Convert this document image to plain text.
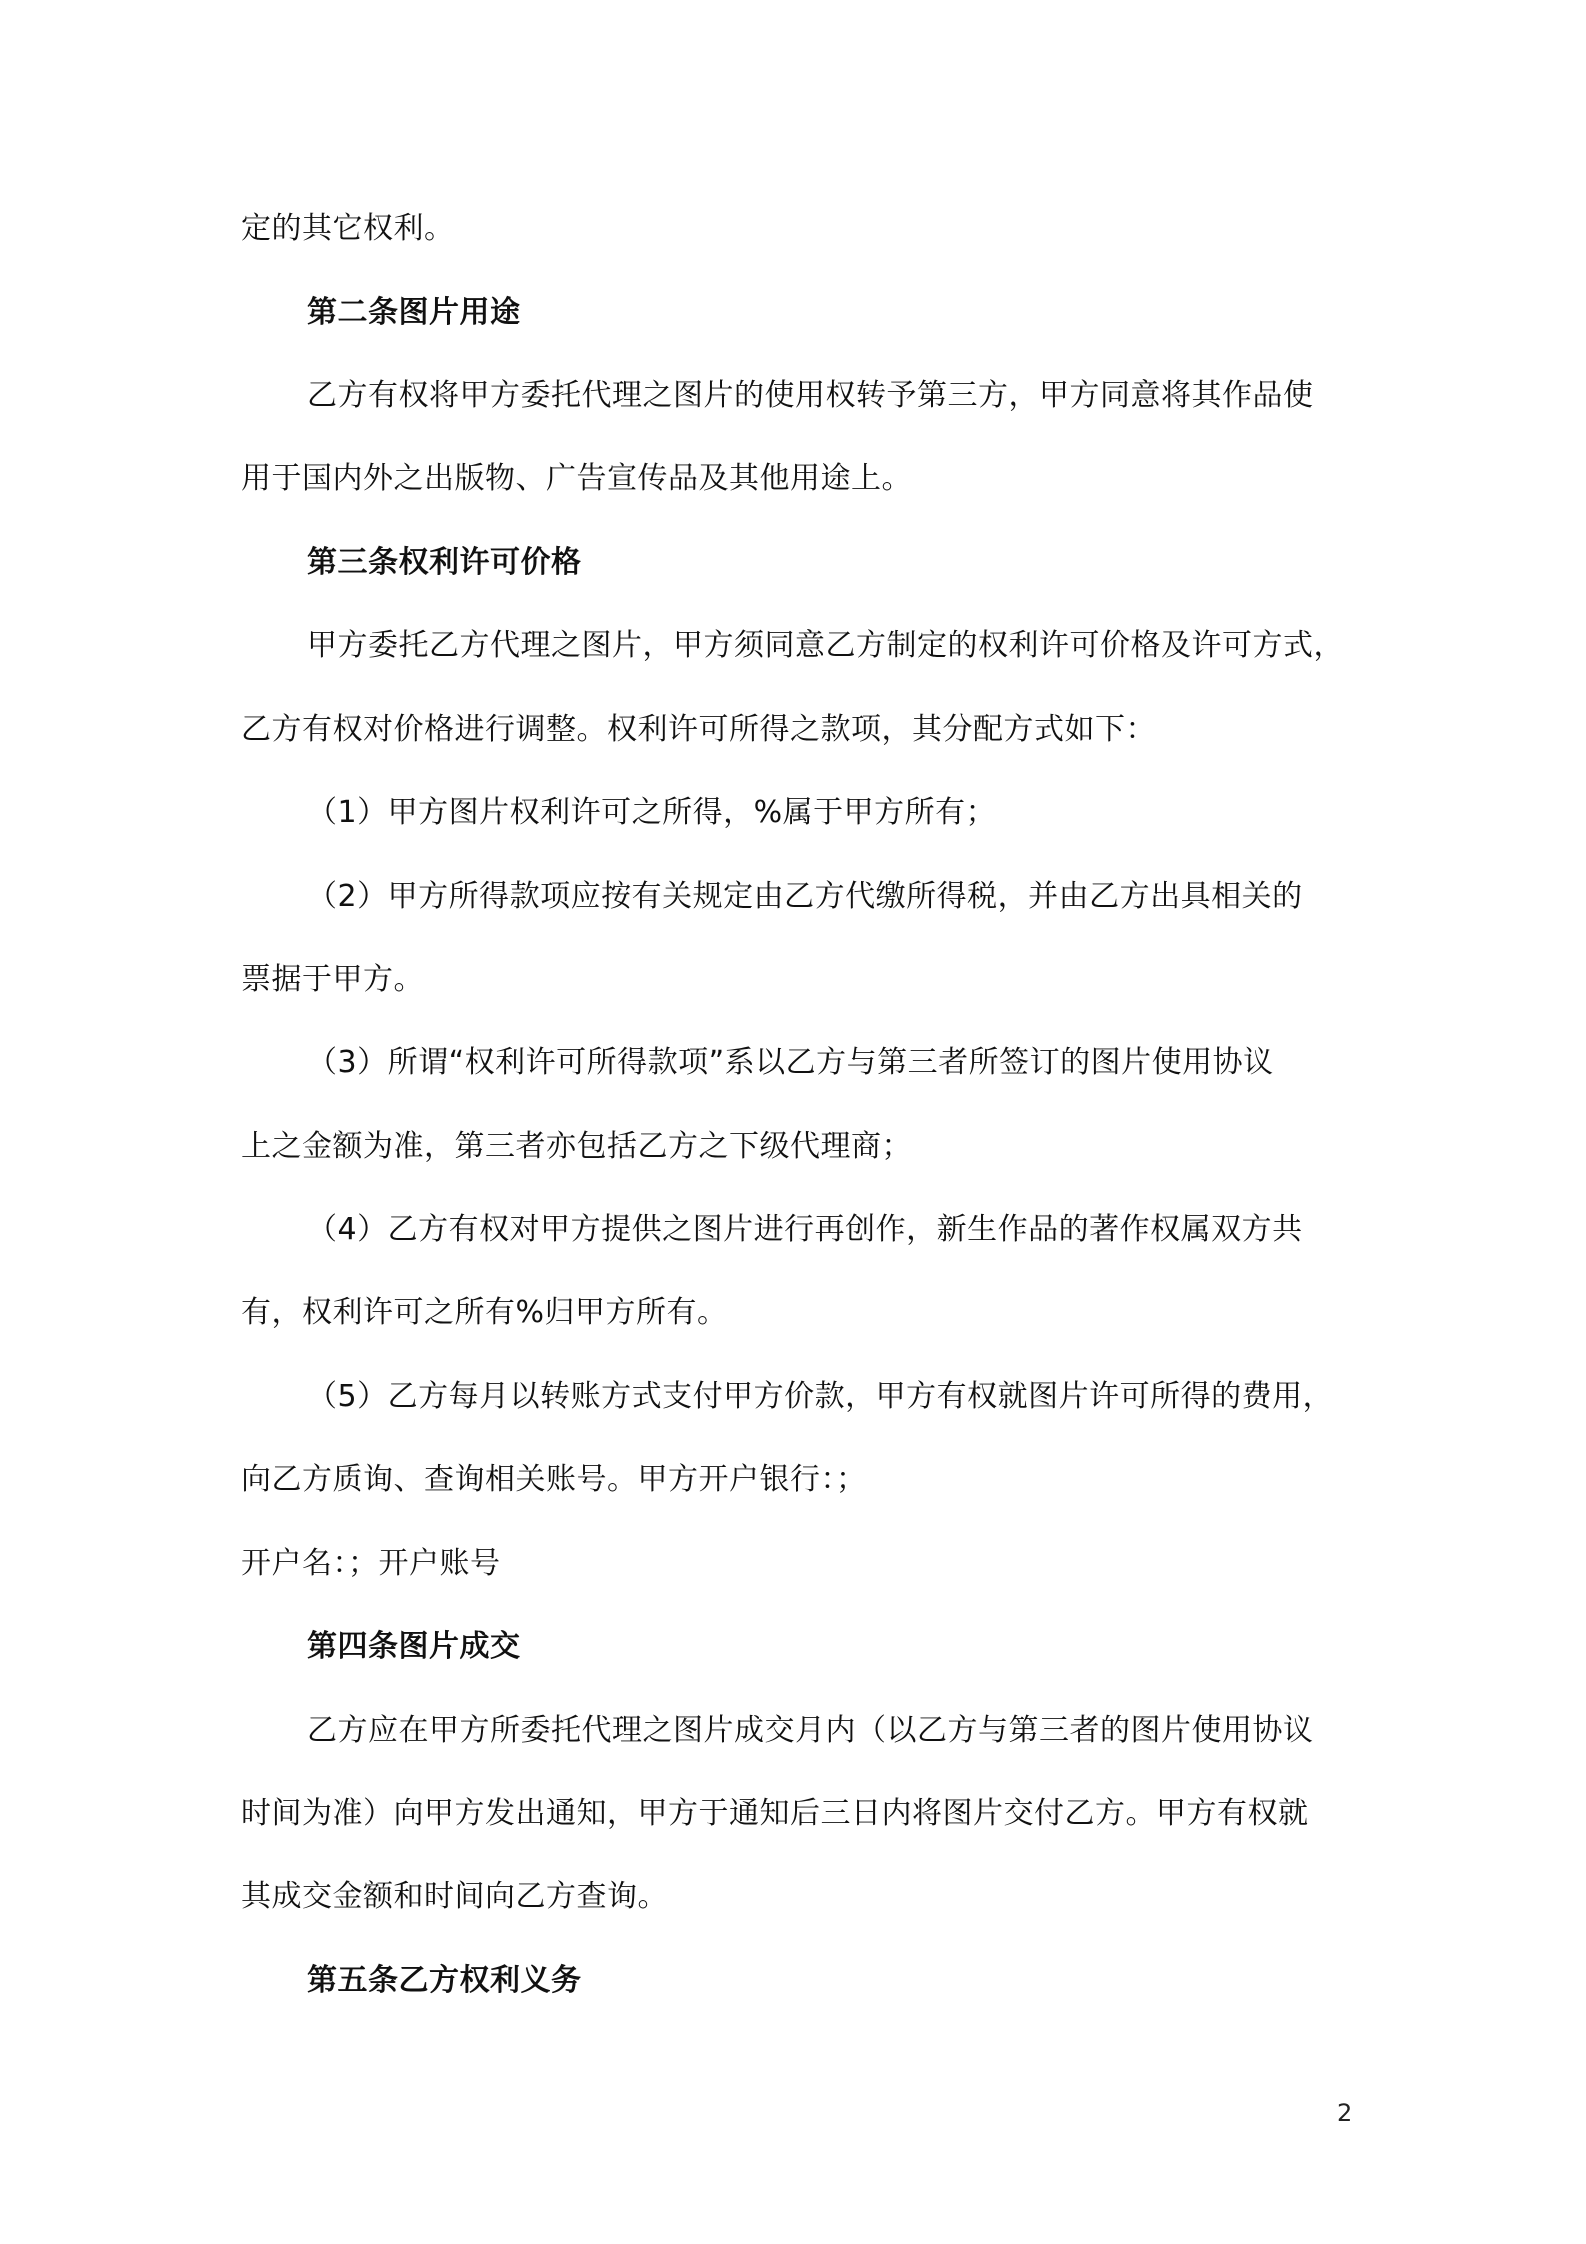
定的其它权利。
第二条图片用途
乙方有权将甲方委托代理之图片的使用权转予第三方，甲方同意将其作品使
用于国内外之出版物、广告宣传品及其他用途上。
第三条权利许可价格
甲方委托乙方代理之图片，甲方须同意乙方制定的权利许可价格及许可方式，
乙方有权对价格进行调整。权利许可所得之款项，其分配方式如下：
（1）甲方图片权利许可之所得，%属于甲方所有；
（2）甲方所得款项应按有关规定由乙方代缴所得税，并由乙方出具相关的
票据于甲方。
（3）所谓“权利许可所得款项”系以乙方与第三者所签订的图片使用协议
上之金额为准，第三者亦包括乙方之下级代理商；
（4）乙方有权对甲方提供之图片进行再创作，新生作品的著作权属双方共
有，权利许可之所有%归甲方所有。
（5）乙方每月以转账方式支付甲方价款，甲方有权就图片许可所得的费用，
向乙方质询、查询相关账号。甲方开户银行：；
开户名：；开户账号
第四条图片成交
乙方应在甲方所委托代理之图片成交月内（以乙方与第三者的图片使用协议
时间为准）向甲方发出通知，甲方于通知后三日内将图片交付乙方。甲方有权就
其成交金额和时间向乙方查询。
第五条乙方权利义务
2
